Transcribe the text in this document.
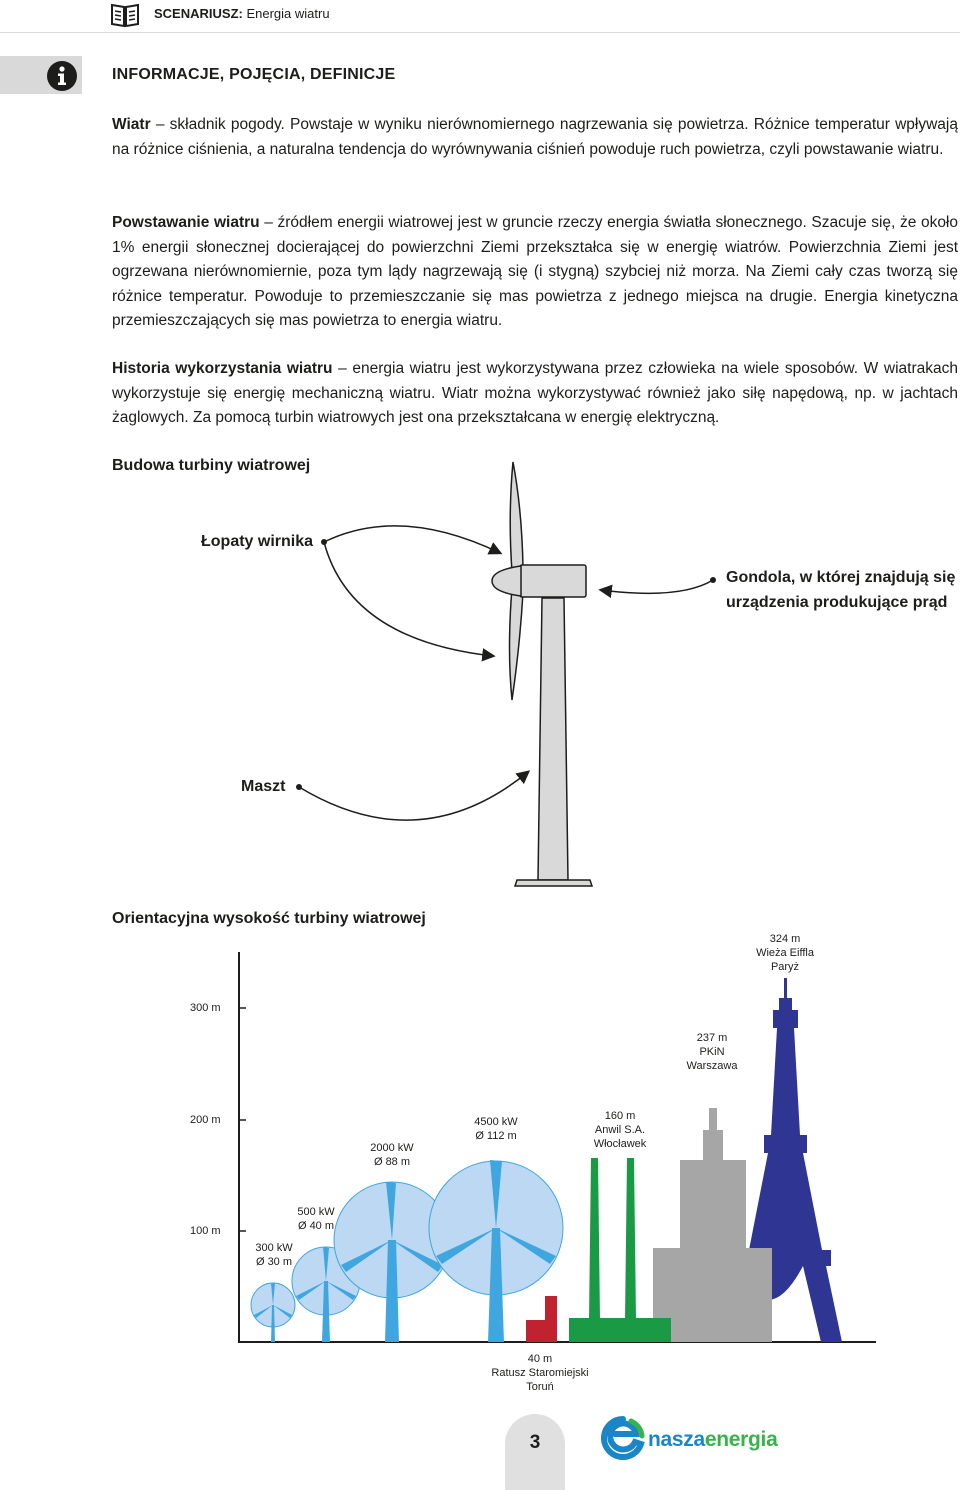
SCENARIUSZ: Energia wiatru
INFORMACJE, POJĘCIA, DEFINICJE
Wiatr – składnik pogody. Powstaje w wyniku nierównomiernego nagrzewania się powietrza. Różnice temperatur wpływają na różnice ciśnienia, a naturalna tendencja do wyrównywania ciśnień powoduje ruch powietrza, czyli powstawanie wiatru.
Powstawanie wiatru – źródłem energii wiatrowej jest w gruncie rzeczy energia światła słonecznego. Szacuje się, że około 1% energii słonecznej docierającej do powierzchni Ziemi przekształca się w energię wiatrów. Powierzchnia Ziemi jest ogrzewana nierównomiernie, poza tym lądy nagrzewają się (i stygną) szybciej niż morza. Na Ziemi cały czas tworzą się różnice temperatur. Powoduje to przemieszczanie się mas powietrza z jednego miejsca na drugie. Energia kinetyczna przemieszczających się mas powietrza to energia wiatru.
Historia wykorzystania wiatru – energia wiatru jest wykorzystywana przez człowieka na wiele sposobów. W wiatrakach wykorzystuje się energię mechaniczną wiatru. Wiatr można wykorzystywać również jako siłę napędową, np. w jachtach żaglowych. Za pomocą turbin wiatrowych jest ona przekształcana w energię elektryczną.
Budowa turbiny wiatrowej
Łopaty wirnika
Gondola, w której znajdują się
urządzenia produkujące prąd
Maszt
Orientacyjna wysokość turbiny wiatrowej
300 m
200 m
100 m
300 kW
Ø 30 m
500 kW
Ø 40 m
2000 kW
Ø 88 m
4500 kW
Ø 112 m
40 m
Ratusz Staromiejski
Toruń
160 m
Anwil S.A.
Włocławek
237 m
PKiN
Warszawa
324 m
Wieża Eiffla
Paryż
3	naszaenergia
